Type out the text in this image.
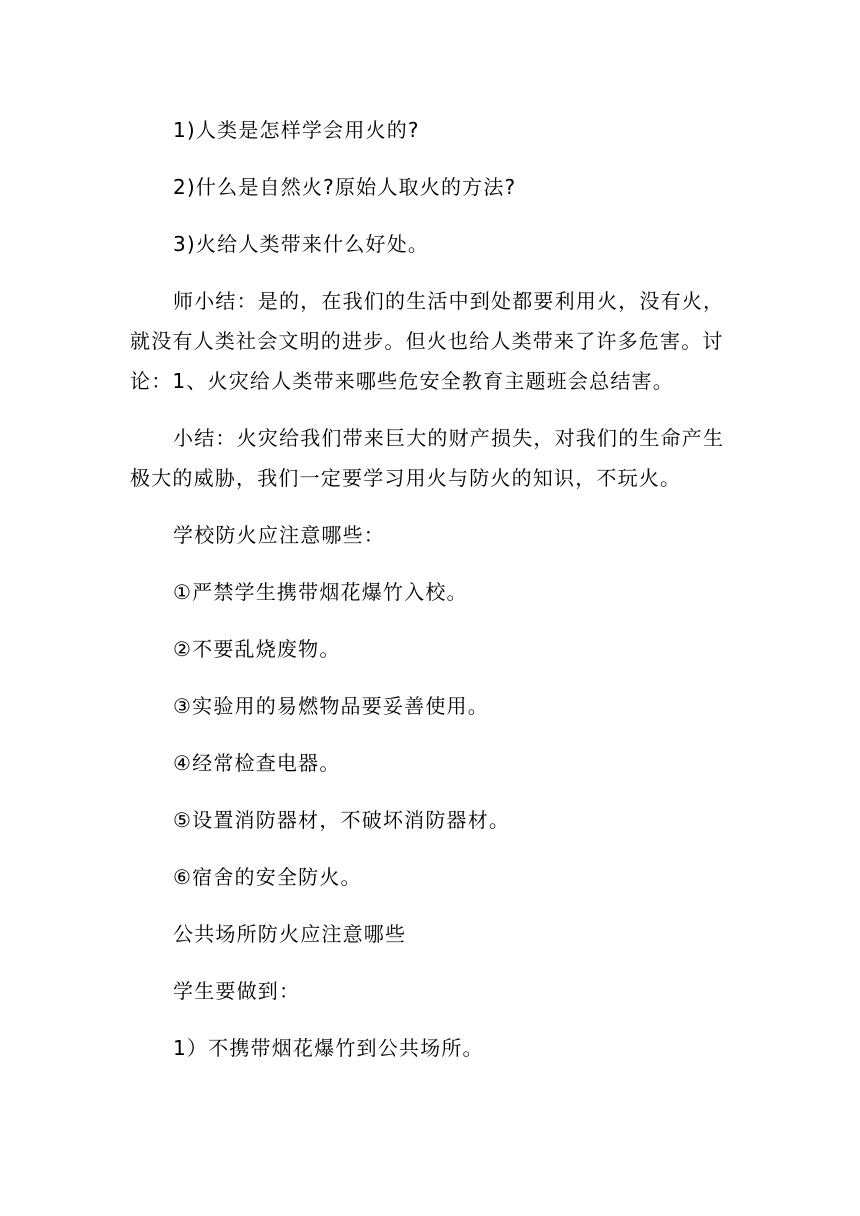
1)人类是怎样学会用火的?

2)什么是自然火?原始人取火的方法?

3)火给人类带来什么好处。

师小结：是的，在我们的生活中到处都要利用火，没有火，就没有人类社会文明的进步。但火也给人类带来了许多危害。讨论：1、火灾给人类带来哪些危安全教育主题班会总结害。

小结：火灾给我们带来巨大的财产损失，对我们的生命产生极大的威胁，我们一定要学习用火与防火的知识，不玩火。

学校防火应注意哪些：

①严禁学生携带烟花爆竹入校。

②不要乱烧废物。

③实验用的易燃物品要妥善使用。

④经常检查电器。

⑤设置消防器材，不破坏消防器材。

⑥宿舍的安全防火。

公共场所防火应注意哪些

学生要做到：

1）不携带烟花爆竹到公共场所。
